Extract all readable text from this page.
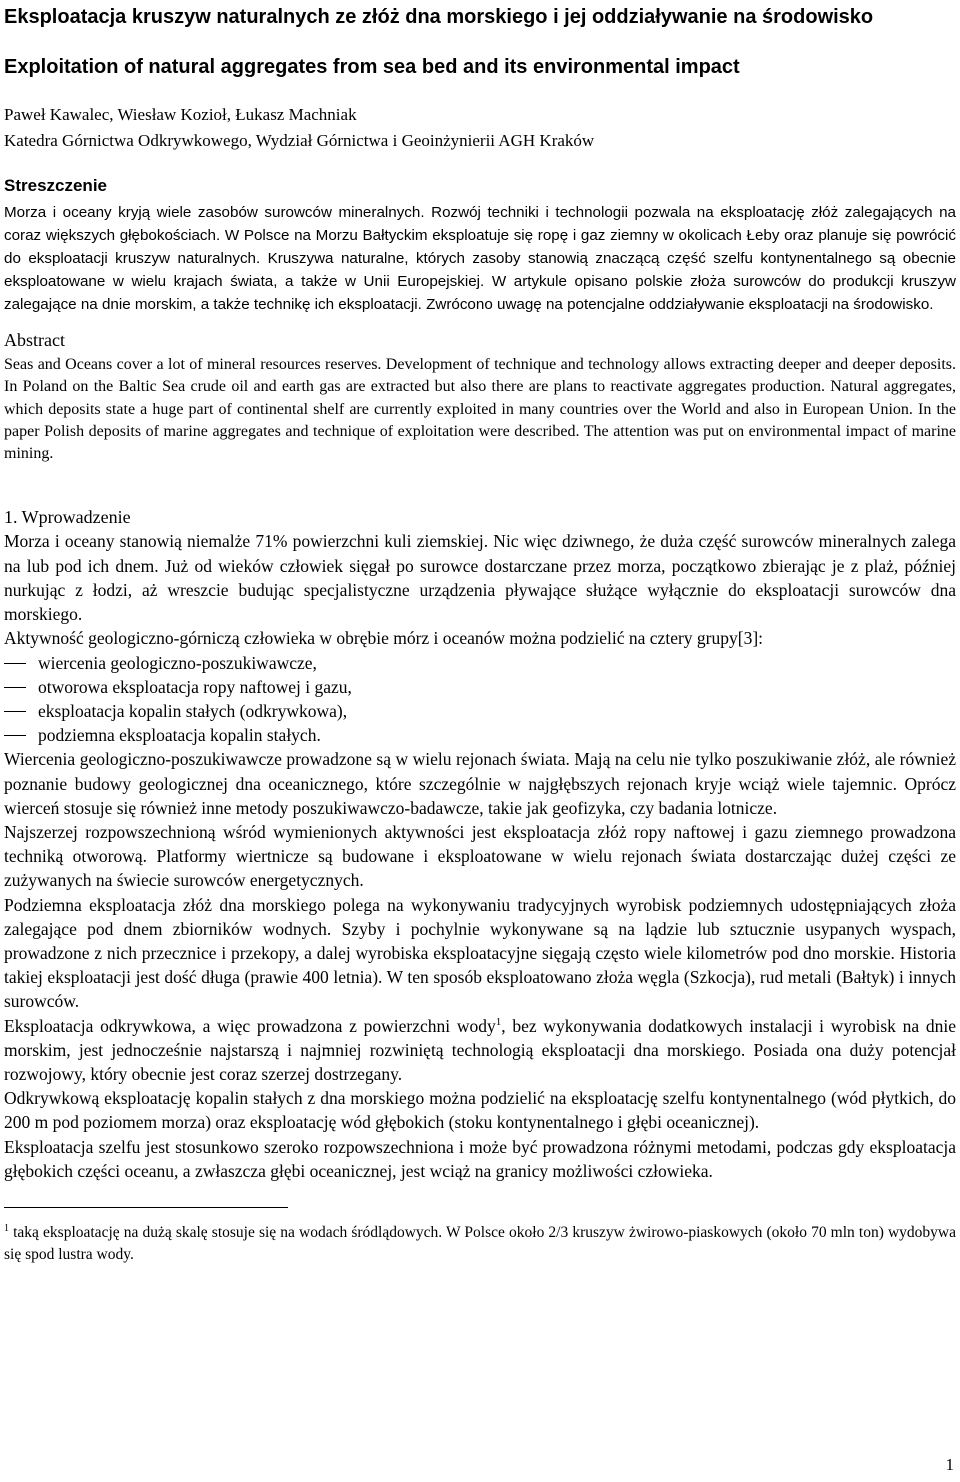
Eksploatacja kruszyw naturalnych ze złóż dna morskiego i jej oddziaływanie na środowisko
Exploitation of natural aggregates from sea bed and its environmental impact
Paweł Kawalec, Wiesław Kozioł, Łukasz Machniak
Katedra Górnictwa Odkrywkowego, Wydział Górnictwa i Geoinżynierii AGH Kraków
Streszczenie

Morza i oceany kryją wiele zasobów surowców mineralnych. Rozwój techniki i technologii pozwala na eksploatację złóż zalegających na coraz większych głębokościach. W Polsce na Morzu Bałtyckim eksploatuje się ropę i gaz ziemny w okolicach Łeby oraz planuje się powrócić do eksploatacji kruszyw naturalnych. Kruszywa naturalne, których zasoby stanowią znaczącą część szelfu kontynentalnego są obecnie eksploatowane w wielu krajach świata, a także w Unii Europejskiej. W artykule opisano polskie złoża surowców do produkcji kruszyw zalegające na dnie morskim, a także technikę ich eksploatacji. Zwrócono uwagę na potencjalne oddziaływanie eksploatacji na środowisko.

Abstract

Seas and Oceans cover a lot of mineral resources reserves. Development of technique and technology allows extracting deeper and deeper deposits. In Poland on the Baltic Sea crude oil and earth gas are extracted but also there are plans to reactivate aggregates production. Natural aggregates, which deposits state a huge part of continental shelf are currently exploited in many countries over the World and also in European Union. In the paper Polish deposits of marine aggregates and technique of exploitation were described. The attention was put on environmental impact of marine mining.

1. Wprowadzenie

Morza i oceany stanowią niemalże 71% powierzchni kuli ziemskiej. Nic więc dziwnego, że duża część surowców mineralnych zalega na lub pod ich dnem. Już od wieków człowiek sięgał po surowce dostarczane przez morza, początkowo zbierając je z plaż, później nurkując z łodzi, aż wreszcie budując specjalistyczne urządzenia pływające służące wyłącznie do eksploatacji surowców dna morskiego.

Aktywność geologiczno-górniczą człowieka w obrębie mórz i oceanów można podzielić na cztery grupy[3]:

wiercenia geologiczno-poszukiwawcze,
otworowa eksploatacja ropy naftowej i gazu,
eksploatacja kopalin stałych (odkrywkowa),
podziemna eksploatacja kopalin stałych.

Wiercenia geologiczno-poszukiwawcze prowadzone są w wielu rejonach świata. Mają na celu nie tylko poszukiwanie złóż, ale również poznanie budowy geologicznej dna oceanicznego, które szczególnie w najgłębszych rejonach kryje wciąż wiele tajemnic. Oprócz wierceń stosuje się również inne metody poszukiwawczo-badawcze, takie jak geofizyka, czy badania lotnicze.

Najszerzej rozpowszechnioną wśród wymienionych aktywności jest eksploatacja złóż ropy naftowej i gazu ziemnego prowadzona techniką otworową. Platformy wiertnicze są budowane i eksploatowane w wielu rejonach świata dostarczając dużej części ze zużywanych na świecie surowców energetycznych.

Podziemna eksploatacja złóż dna morskiego polega na wykonywaniu tradycyjnych wyrobisk podziemnych udostępniających złoża zalegające pod dnem zbiorników wodnych. Szyby i pochylnie wykonywane są na lądzie lub sztucznie usypanych wyspach, prowadzone z nich przecznice i przekopy, a dalej wyrobiska eksploatacyjne sięgają często wiele kilometrów pod dno morskie. Historia takiej eksploatacji jest dość długa (prawie 400 letnia). W ten sposób eksploatowano złoża węgla (Szkocja), rud metali (Bałtyk) i innych surowców.

Eksploatacja odkrywkowa, a więc prowadzona z powierzchni wody$^1$, bez wykonywania dodatkowych instalacji i wyrobisk na dnie morskim, jest jednocześnie najstarszą i najmniej rozwiniętą technologią eksploatacji dna morskiego. Posiada ona duży potencjał rozwojowy, który obecnie jest coraz szerzej dostrzegany.

Odkrywkową eksploatację kopalin stałych z dna morskiego można podzielić na eksploatację szelfu kontynentalnego (wód płytkich, do 200 m pod poziomem morza) oraz eksploatację wód głębokich (stoku kontynentalnego i głębi oceanicznej).

Eksploatacja szelfu jest stosunkowo szeroko rozpowszechniona i może być prowadzona różnymi metodami, podczas gdy eksploatacja głębokich części oceanu, a zwłaszcza głębi oceanicznej, jest wciąż na granicy możliwości człowieka.

$^1$ taką eksploatację na dużą skalę stosuje się na wodach śródlądowych. W Polsce około 2/3 kruszyw żwirowo-piaskowych (około 70 mln ton) wydobywa się spod lustra wody.

1
